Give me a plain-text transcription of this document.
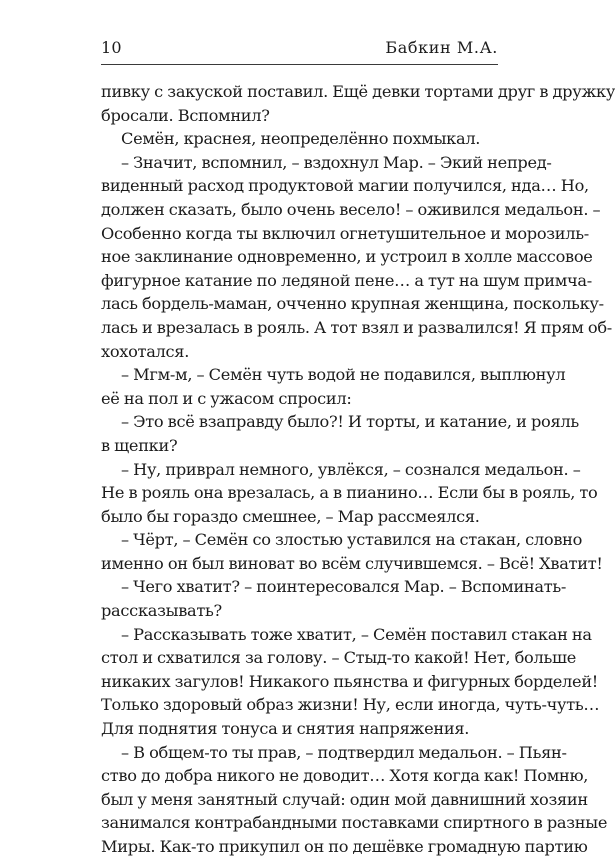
10	Бабкин М.А.
пивку с закуской поставил. Ещё девки тортами друг в дружку
бросали. Вспомнил?
Семён, краснея, неопределённо похмыкал.
– Значит, вспомнил, – вздохнул Мар. – Экий непред-
виденный расход продуктовой магии получился, нда… Но,
должен сказать, было очень весело! – оживился медальон. –
Особенно когда ты включил огнетушительное и морозиль-
ное заклинание одновременно, и устроил в холле массовое
фигурное катание по ледяной пене… а тут на шум примча-
лась бордель-маман, очченно крупная женщина, поскольку-
лась и врезалась в рояль. А тот взял и развалился! Я прям об-
хохотался.
– Мгм-м, – Семён чуть водой не подавился, выплюнул
её на пол и с ужасом спросил:
– Это всё взаправду было?! И торты, и катание, и рояль
в щепки?
– Ну, приврал немного, увлёкся, – сознался медальон. –
Не в рояль она врезалась, а в пианино… Если бы в рояль, то
было бы гораздо смешнее, – Мар рассмеялся.
– Чёрт, – Семён со злостью уставился на стакан, словно
именно он был виноват во всём случившемся. – Всё! Хватит!
– Чего хватит? – поинтересовался Мар. – Вспоминать-
рассказывать?
– Рассказывать тоже хватит, – Семён поставил стакан на
стол и схватился за голову. – Стыд-то какой! Нет, больше
никаких загулов! Никакого пьянства и фигурных борделей!
Только здоровый образ жизни! Ну, если иногда, чуть-чуть…
Для поднятия тонуса и снятия напряжения.
– В общем-то ты прав, – подтвердил медальон. – Пьян-
ство до добра никого не доводит… Хотя когда как! Помню,
был у меня занятный случай: один мой давнишний хозяин
занимался контрабандными поставками спиртного в разные
Миры. Как-то прикупил он по дешёвке громадную партию
